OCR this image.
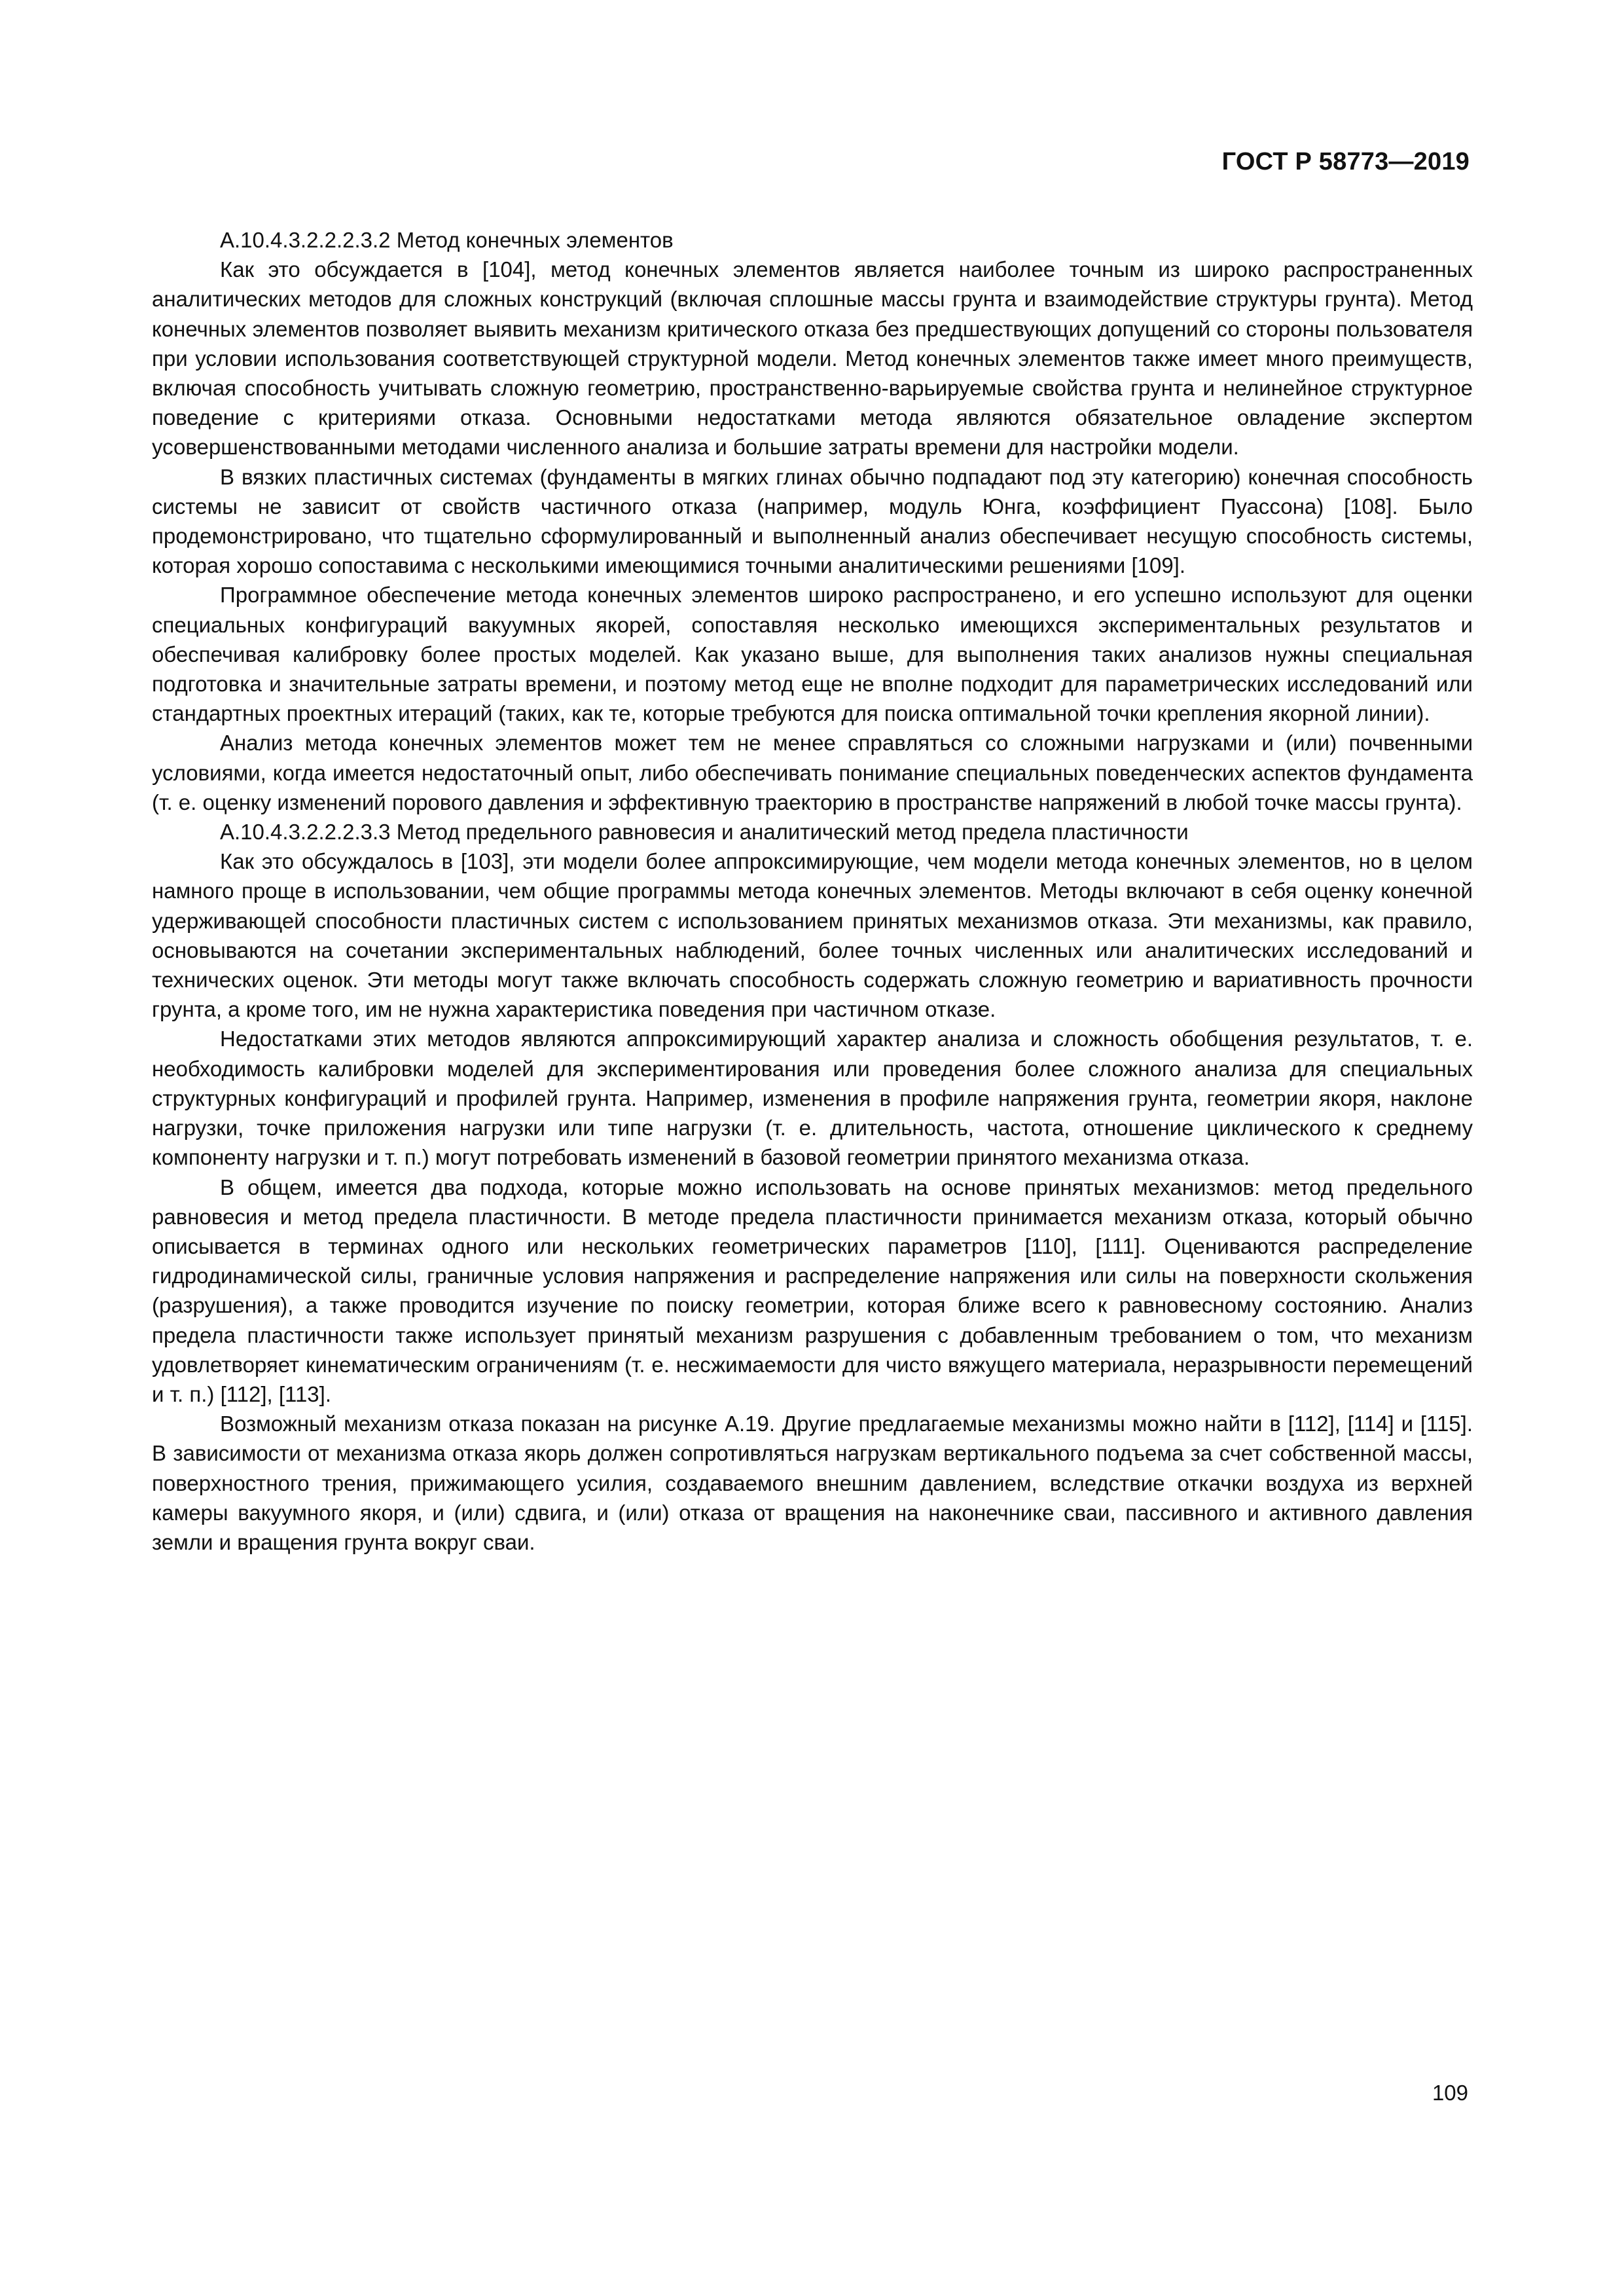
ГОСТ Р 58773—2019

А.10.4.3.2.2.2.3.2 Метод конечных элементов

Как это обсуждается в [104], метод конечных элементов является наиболее точным из широко распространенных аналитических методов для сложных конструкций (включая сплошные массы грунта и взаимодействие структуры грунта). Метод конечных элементов позволяет выявить механизм критического отказа без предшествующих допущений со стороны пользователя при условии использования соответствующей структурной модели. Метод конечных элементов также имеет много преимуществ, включая способность учитывать сложную геометрию, пространственно-варьируемые свойства грунта и нелинейное структурное поведение с критериями отказа. Основными недостатками метода являются обязательное овладение экспертом усовершенствованными методами численного анализа и большие затраты времени для настройки модели.

В вязких пластичных системах (фундаменты в мягких глинах обычно подпадают под эту категорию) конечная способность системы не зависит от свойств частичного отказа (например, модуль Юнга, коэффициент Пуассона) [108]. Было продемонстрировано, что тщательно сформулированный и выполненный анализ обеспечивает несущую способность системы, которая хорошо сопоставима с несколькими имеющимися точными аналитическими решениями [109].

Программное обеспечение метода конечных элементов широко распространено, и его успешно используют для оценки специальных конфигураций вакуумных якорей, сопоставляя несколько имеющихся экспериментальных результатов и обеспечивая калибровку более простых моделей. Как указано выше, для выполнения таких анализов нужны специальная подготовка и значительные затраты времени, и поэтому метод еще не вполне подходит для параметрических исследований или стандартных проектных итераций (таких, как те, которые требуются для поиска оптимальной точки крепления якорной линии).

Анализ метода конечных элементов может тем не менее справляться со сложными нагрузками и (или) почвенными условиями, когда имеется недостаточный опыт, либо обеспечивать понимание специальных поведенческих аспектов фундамента (т. е. оценку изменений порового давления и эффективную траекторию в пространстве напряжений в любой точке массы грунта).

А.10.4.3.2.2.2.3.3 Метод предельного равновесия и аналитический метод предела пластичности

Как это обсуждалось в [103], эти модели более аппроксимирующие, чем модели метода конечных элементов, но в целом намного проще в использовании, чем общие программы метода конечных элементов. Методы включают в себя оценку конечной удерживающей способности пластичных систем с использованием принятых механизмов отказа. Эти механизмы, как правило, основываются на сочетании экспериментальных наблюдений, более точных численных или аналитических исследований и технических оценок. Эти методы могут также включать способность содержать сложную геометрию и вариативность прочности грунта, а кроме того, им не нужна характеристика поведения при частичном отказе.

Недостатками этих методов являются аппроксимирующий характер анализа и сложность обобщения результатов, т. е. необходимость калибровки моделей для экспериментирования или проведения более сложного анализа для специальных структурных конфигураций и профилей грунта. Например, изменения в профиле напряжения грунта, геометрии якоря, наклоне нагрузки, точке приложения нагрузки или типе нагрузки (т. е. длительность, частота, отношение циклического к среднему компоненту нагрузки и т. п.) могут потребовать изменений в базовой геометрии принятого механизма отказа.

В общем, имеется два подхода, которые можно использовать на основе принятых механизмов: метод предельного равновесия и метод предела пластичности. В методе предела пластичности принимается механизм отказа, который обычно описывается в терминах одного или нескольких геометрических параметров [110], [111]. Оцениваются распределение гидродинамической силы, граничные условия напряжения и распределение напряжения или силы на поверхности скольжения (разрушения), а также проводится изучение по поиску геометрии, которая ближе всего к равновесному состоянию. Анализ предела пластичности также использует принятый механизм разрушения с добавленным требованием о том, что механизм удовлетворяет кинематическим ограничениям (т. е. несжимаемости для чисто вяжущего материала, неразрывности перемещений и т. п.) [112], [113].

Возможный механизм отказа показан на рисунке А.19. Другие предлагаемые механизмы можно найти в [112], [114] и [115]. В зависимости от механизма отказа якорь должен сопротивляться нагрузкам вертикального подъема за счет собственной массы, поверхностного трения, прижимающего усилия, создаваемого внешним давлением, вследствие откачки воздуха из верхней камеры вакуумного якоря, и (или) сдвига, и (или) отказа от вращения на наконечнике сваи, пассивного и активного давления земли и вращения грунта вокруг сваи.

109
